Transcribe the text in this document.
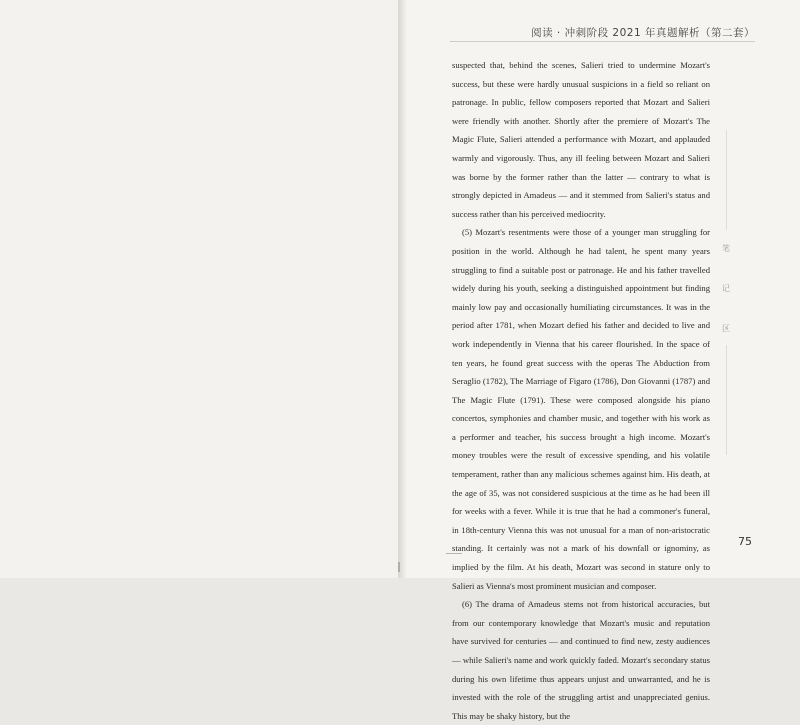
阅读 · 冲刺阶段 2021 年真题解析（第二套）

suspected that, behind the scenes, Salieri tried to undermine Mozart's success, but these were hardly unusual suspicions in a field so reliant on patronage. In public, fellow composers reported that Mozart and Salieri were friendly with another. Shortly after the premiere of Mozart's The Magic Flute, Salieri attended a performance with Mozart, and applauded warmly and vigorously. Thus, any ill feeling between Mozart and Salieri was borne by the former rather than the latter — contrary to what is strongly depicted in Amadeus — and it stemmed from Salieri's status and success rather than his perceived mediocrity.

(5) Mozart's resentments were those of a younger man struggling for position in the world. Although he had talent, he spent many years struggling to find a suitable post or patronage. He and his father travelled widely during his youth, seeking a distinguished appointment but finding mainly low pay and occasionally humiliating circumstances. It was in the period after 1781, when Mozart defied his father and decided to live and work independently in Vienna that his career flourished. In the space of ten years, he found great success with the operas The Abduction from Seraglio (1782), The Marriage of Figaro (1786), Don Giovanni (1787) and The Magic Flute (1791). These were composed alongside his piano concertos, symphonies and chamber music, and together with his work as a performer and teacher, his success brought a high income. Mozart's money troubles were the result of excessive spending, and his volatile temperament, rather than any malicious schemes against him. His death, at the age of 35, was not considered suspicious at the time as he had been ill for weeks with a fever. While it is true that he had a commoner's funeral, in 18th-century Vienna this was not unusual for a man of non-aristocratic standing. It certainly was not a mark of his downfall or ignominy, as implied by the film. At his death, Mozart was second in stature only to Salieri as Vienna's most prominent musician and composer.

(6) The drama of Amadeus stems not from historical accuracies, but from our contemporary knowledge that Mozart's music and reputation have survived for centuries — and continued to find new, zesty audiences — while Salieri's name and work quickly faded. Mozart's secondary status during his own lifetime thus appears unjust and unwarranted, and he is invested with the role of the struggling artist and unappreciated genius. This may be shaky history, but the

笔
记
区
75
